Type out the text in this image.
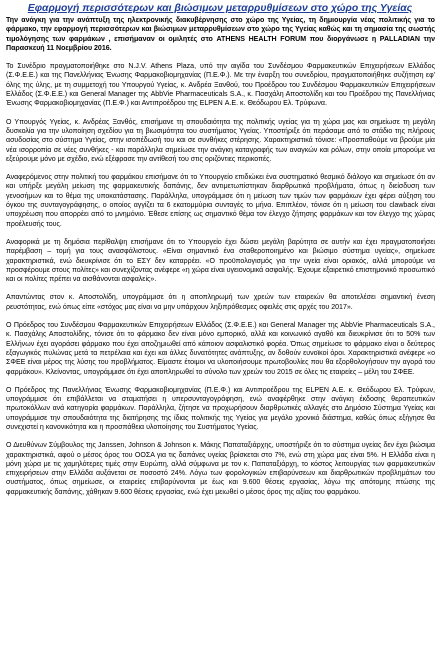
Εφαρμογή περισσότερων και βιώσιμων μεταρρυθμίσεων στο χώρο της Υγείας

Την ανάγκη για την ανάπτυξη της ηλεκτρονικής διακυβέρνησης στο χώρο της Υγείας, τη δημιουργία νέας πολιτικής για το φάρμακο, την εφαρμογή περισσότερων και βιώσιμων μεταρρυθμίσεων στο χώρο της Υγείας καθώς και τη σημασία της σωστής τιμολόγησης των φαρμάκων , επισήμαναν οι ομιλητές στο ATHENS HEALTH FORUM που διοργάνωσε η PALLADIAN την Παρασκευή 11 Νοεμβρίου 2016.

Το Συνέδριο πραγματοποιήθηκε στο N.J.V. Athens Plaza, υπό την αιγίδα του Συνδέσμου Φαρμακευτικών Επιχειρήσεων Ελλάδος (Σ.Φ.Ε.Ε.) και της Πανελλήνιας Ένωσης Φαρμακοβιομηχανίας (Π.Ε.Φ.). Με την έναρξη του συνεδρίου, πραγματοποιήθηκε συζήτηση εφ' όλης της ύλης, με τη συμμετοχή του Υπουργού Υγείας, κ. Ανδρέα Ξανθού, του Προέδρου του Συνδέσμου Φαρμακευτικών Επιχειρήσεων Ελλάδος (Σ.Φ.Ε.Ε.) και General Manager της AbbVie Pharmaceuticals S.A., κ. Πασχάλη Αποστολίδη και του Προέδρου της Πανελλήνιας Ένωσης Φαρμακοβιομηχανίας (Π.Ε.Φ.) και Αντιπροέδρου της ELPEN Α.Ε. κ. Θεόδωρου Ελ. Τρύφωνα.

Ο Υπουργός Υγείας, κ. Ανδρέας Ξανθός, επισήμανε τη σπουδαιότητα της πολιτικής υγείας για τη χώρα μας και σημείωσε τη μεγάλη δυσκολία για την υλοποίηση σχεδίου για τη βιωσιμότητα του συστήματος Υγείας. Υποστήριξε ότι περάσαμε από το στάδιο της πλήρους ασυδοσίας στο σύστημα Υγείας, στην ισοπέδωσή του και σε συνθήκες στέρησης. Χαρακτηριστικά τόνισε: «Προσπαθούμε να βρούμε μία νέα ισορροπία σε νέες συνθήκες - και παράλληλα σημείωσε την ανάγκη καταγραφής των αναγκών και ρόλων, στην οποία μπορούμε να εξεύρουμε μόνο με σχέδιο, ενώ εξέφρασε την αντίθεσή του στις οριζόντιες περικοπές.

Αναφερόμενος στην πολιτική του φαρμάκου επισήμανε ότι το Υπουργείο επιδιώκει ένα συστηματικό θεσμικό διάλογο και σημείωσε ότι αν και υπήρξε μεγάλη μείωση της φαρμακευτικής δαπάνης, δεν αντιμετωπίστηκαν διαρθρωτικά προβλήματα, όπως η διείσδυση των γενοσήμων και το θέμα της υποκατάστασης. Παράλληλα, υπογράμμισε ότι η μείωση των τιμών των φαρμάκων έχει φέρει αύξηση του όγκου της συνταγογράφησης, ο οποίος αγγίζει τα 6 εκατομμύρια συνταγές το μήνα. Επιπλέον, τόνισε ότι η μείωση του clawback είναι υποχρέωση που απορρέει από το μνημόνιο. Έθεσε επίσης ως σημαντικό θέμα τον έλεγχο ζήτησης φαρμάκων και τον έλεγχο της χώρας προέλευσής τους.

Αναφορικά με τη δημόσια περίθαλψη επισήμανε ότι το Υπουργείο έχει δώσει μεγάλη βαρύτητα σε αυτήν και έχει πραγματοποιήσει παρέμβαση – τομή για τους ανασφάλιστους. «Είναι σημαντικό ένα σταθεροποιημένο και βιώσιμο σύστημα υγείας», σημείωσε χαρακτηριστικά, ενώ διευκρίνισε ότι το ΕΣΥ δεν καταρρέει. «Ο προϋπολογισμός για την υγεία είναι οριακός, αλλά μπορούμε να προσφέρουμε στους πολίτες» και συνεχίζοντας ανέφερε «η χώρα είναι υγειονομικά ασφαλής. Έχουμε εξαιρετικό επιστημονικό προσωπικό και οι πολίτες πρέπει να αισθάνονται ασφαλείς».

Απαντώντας στον κ. Αποστολίδη, υπογράμμισε ότι η αποπληρωμή των χρεών των εταιρειών θα αποτελέσει σημαντική ένεση ρευστότητας, ενώ όπως είπε «στόχος μας είναι να μην υπάρχουν ληξιπρόθεσμες οφειλές στις αρχές του 2017».

Ο Πρόεδρος του Συνδέσμου Φαρμακευτικών Επιχειρήσεων Ελλάδος (Σ.Φ.Ε.Ε.) και General Manager της AbbVie Pharmaceuticals S.A., κ. Πασχάλης Αποστολίδης, τόνισε ότι το φάρμακο δεν είναι μόνο εμπορικό, αλλά και κοινωνικό αγαθό και διευκρίνισε ότι το 50% των Ελλήνων έχει αγοράσει φάρμακο που έχει αποζημιωθεί από κάποιον ασφαλιστικό φορέα. Όπως σημείωσε το φάρμακο είναι ο δεύτερος εξαγωγικός πυλώνας μετά τα πετρέλαια και έχει και άλλες δυνατότητες ανάπτυξης, αν δοθούν ευνοϊκοί όροι. Χαρακτηριστικά ανέφερε «ο ΣΦΕΕ είναι μέρος της λύσης του προβλήματος. Είμαστε έτοιμοι να υλοποιήσουμε πρωτοβουλίες που θα εξορθολογήσουν την αγορά του φαρμάκου». Κλείνοντας, υπογράμμισε ότι έχει αποπληρωθεί το σύνολο των χρεών του 2015 σε όλες τις εταιρείες – μέλη του ΣΦΕΕ.

Ο Πρόεδρος της Πανελλήνιας Ένωσης Φαρμακοβιομηχανίας (Π.Ε.Φ.) και Αντιπροέδρου της ELPEN Α.Ε. κ. Θεόδωρου Ελ. Τρύφων, υπογράμμισε ότι επιβάλλεται να σταματήσει η υπερσυνταγογράφηση, ενώ αναφέρθηκε στην ανάγκη έκδοσης θεραπευτικών πρωτοκόλλων ανά κατηγορία φαρμάκων. Παράλληλα, ζήτησε να προχωρήσουν διαρθρωτικές αλλαγές στο Δημόσιο Σύστημα Υγείας και υπογράμμισε την σπουδαιότητα της διατήρησης της ίδιας πολιτικής της Υγείας για μεγάλο χρονικό διάστημα, καθώς όπως εξήγησε θα συνεχιστεί η κανονικότητα και η προσπάθεια υλοποίησης του Συστήματος Υγείας.

Ο Διευθύνων Σύμβουλος της Janssen, Johnson & Johnson κ. Μάκης Παπαταξιάρχης, υποστήριξε ότι το σύστημα υγείας δεν έχει βιώσιμα χαρακτηριστικά, αφού ο μέσος όρος του ΟΟΣΑ για τις δαπάνες υγείας βρίσκεται στο 7%, ενώ στη χώρα μας είναι 5%. Η Ελλάδα είναι η μόνη χώρα με τις χαμηλότερες τιμές στην Ευρώπη, αλλά σύμφωνα με τον κ. Παπαταξιάρχη, το κόστος λειτουργίας των φαρμακευτικών επιχειρήσεων στην Ελλάδα αυξάνεται σε ποσοστό 24%. Λόγω των φορολογικών επιβαρύνσεων και διαρθρωτικών προβλημάτων του συστήματος, όπως σημείωσε, οι εταιρείες επιβαρύνονται με έως και 9.600 θέσεις εργασίας, λόγω της απότομης πτώσης της φαρμακευτικής δαπάνης, χάθηκαν 9.600 θέσεις εργασίας, ενώ έχει μειωθεί ο μέσος όρος της αξίας του φαρμάκου.
